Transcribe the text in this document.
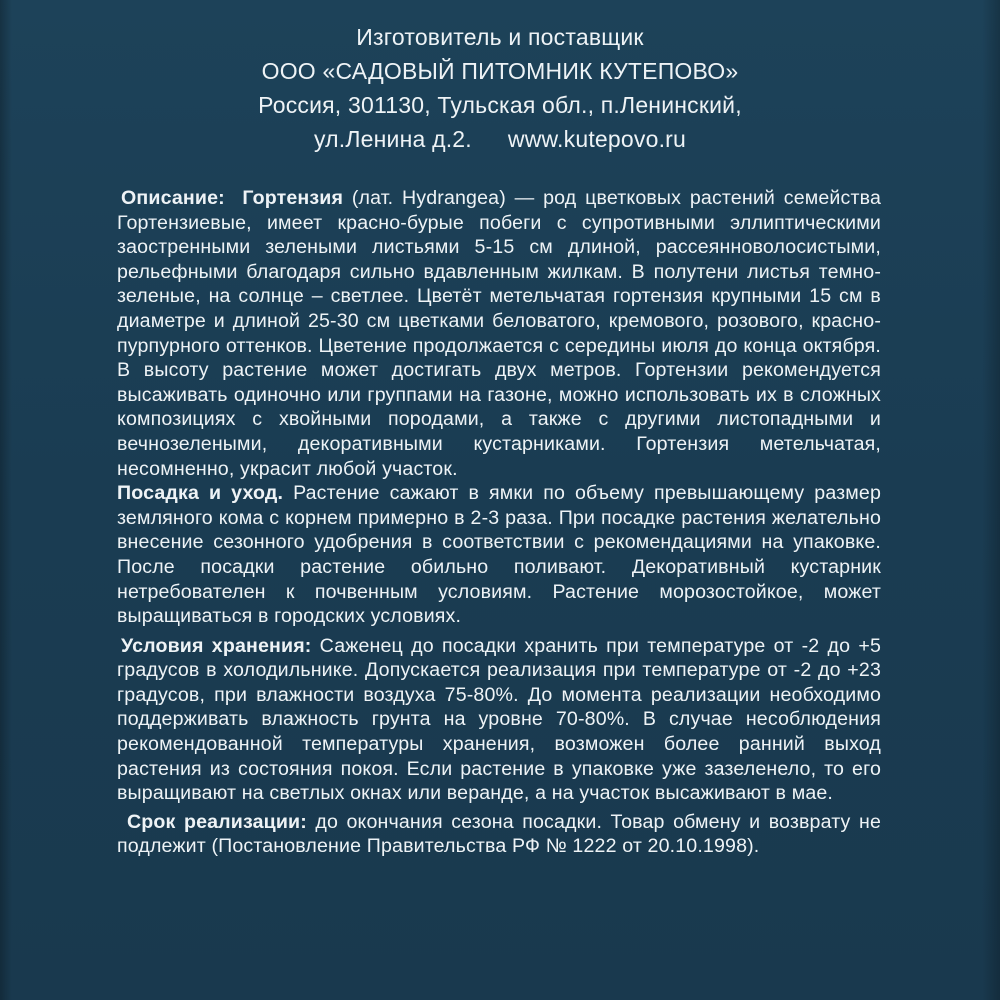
Изготовитель и поставщик
ООО «САДОВЫЙ ПИТОМНИК КУТЕПОВО»
Россия, 301130, Тульская обл., п.Ленинский,
ул.Ленина д.2. www.kutepovo.ru

Описание: Гортензия (лат. Hydrangea) — род цветковых растений семейства Гортензиевые, имеет красно-бурые побеги с супротивными эллиптическими заостренными зелеными листьями 5-15 см длиной, рассеянноволосистыми, рельефными благодаря сильно вдавленным жилкам. В полутени листья темно-зеленые, на солнце – светлее. Цветёт метельчатая гортензия крупными 15 см в диаметре и длиной 25-30 см цветками беловатого, кремового, розового, красно-пурпурного оттенков. Цветение продолжается с середины июля до конца октября. В высоту растение может достигать двух метров. Гортензии рекомендуется высаживать одиночно или группами на газоне, можно использовать их в сложных композициях с хвойными породами, а также с другими листопадными и вечнозелеными, декоративными кустарниками. Гортензия метельчатая, несомненно, украсит любой участок.

Посадка и уход. Растение сажают в ямки по объему превышающему размер земляного кома с корнем примерно в 2-3 раза. При посадке растения желательно внесение сезонного удобрения в соответствии с рекомендациями на упаковке. После посадки растение обильно поливают. Декоративный кустарник нетребователен к почвенным условиям. Растение морозостойкое, может выращиваться в городских условиях.

Условия хранения: Саженец до посадки хранить при температуре от -2 до +5 градусов в холодильнике. Допускается реализация при температуре от -2 до +23 градусов, при влажности воздуха 75-80%. До момента реализации необходимо поддерживать влажность грунта на уровне 70-80%. В случае несоблюдения рекомендованной температуры хранения, возможен более ранний выход растения из состояния покоя. Если растение в упаковке уже зазеленело, то его выращивают на светлых окнах или веранде, а на участок высаживают в мае.

Срок реализации: до окончания сезона посадки. Товар обмену и возврату не подлежит (Постановление Правительства РФ № 1222 от 20.10.1998).
